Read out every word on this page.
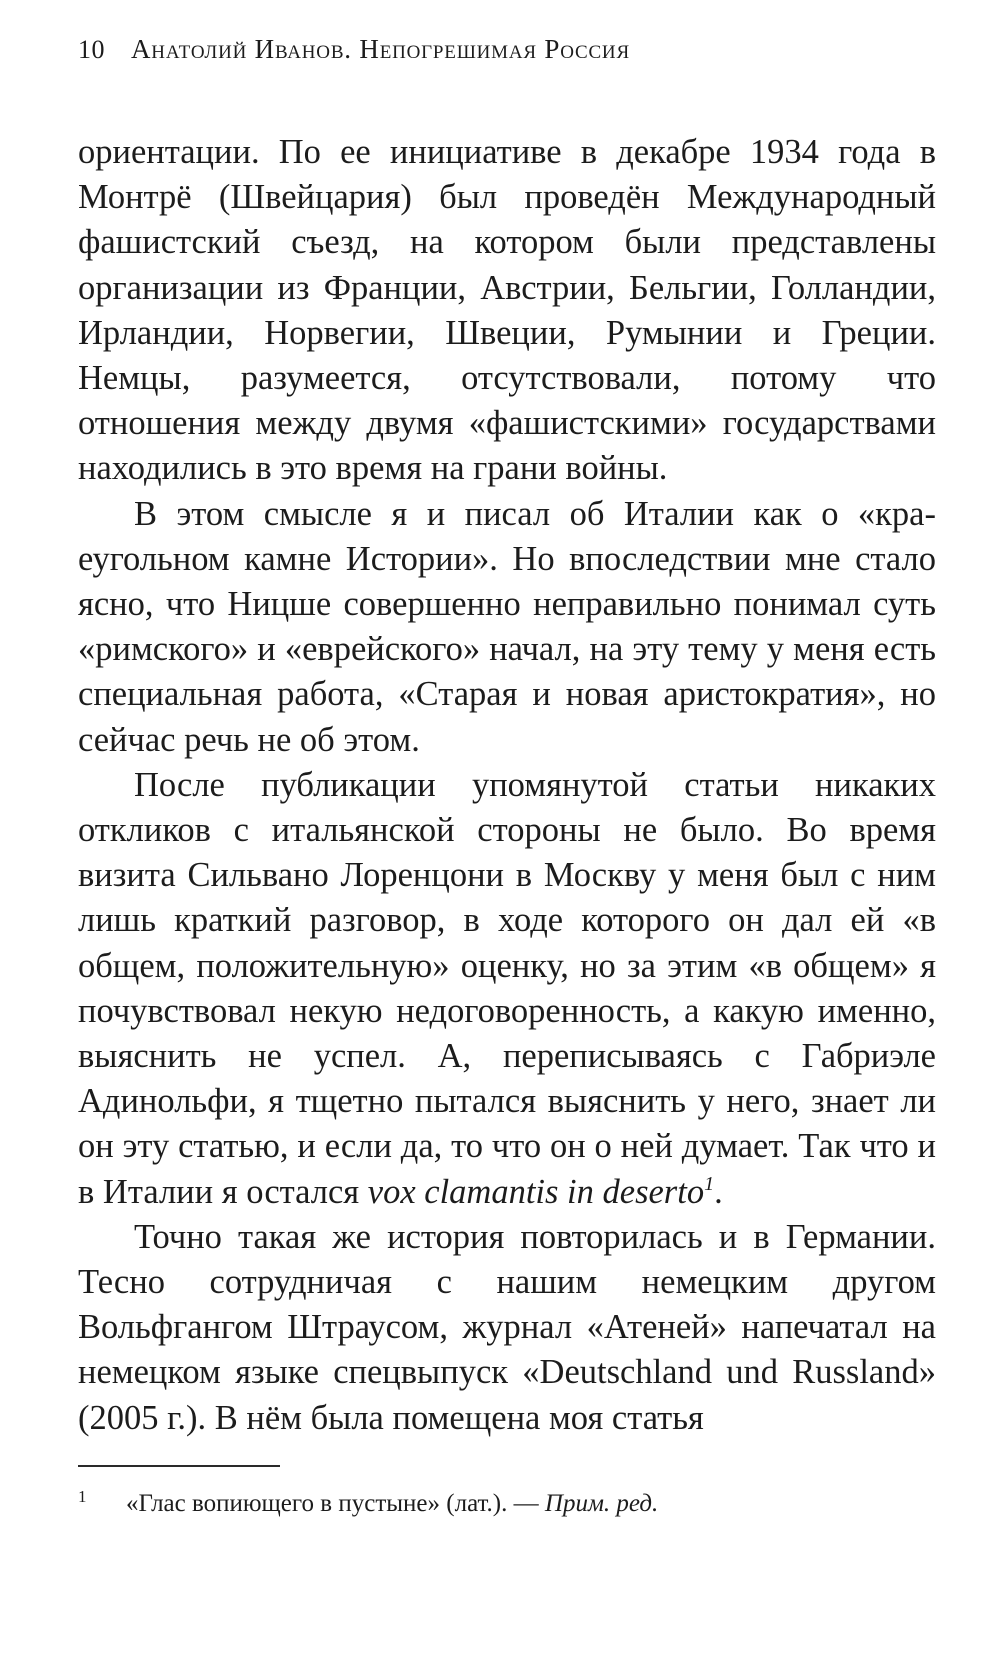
10 Анатолий Иванов. Непогрешимая Россия

ориентации. По ее инициативе в декабре 1934 года в Монтрё (Швейцария) был проведён Международный фашистский съезд, на котором были представлены организации из Франции, Австрии, Бельгии, Голландии, Ирландии, Норвегии, Швеции, Румынии и Греции. Немцы, разумеется, отсутствовали, потому что отношения между двумя «фашистскими» государствами находились в это время на грани войны.

В этом смысле я и писал об Италии как о «краеугольном камне Истории». Но впоследствии мне стало ясно, что Ницше совершенно неправильно понимал суть «римского» и «еврейского» начал, на эту тему у меня есть специальная работа, «Старая и новая аристократия», но сейчас речь не об этом.

После публикации упомянутой статьи никаких откликов с итальянской стороны не было. Во время визита Сильвано Лоренцони в Москву у меня был с ним лишь краткий разговор, в ходе которого он дал ей «в общем, положительную» оценку, но за этим «в общем» я почувствовал некую недоговоренность, а какую именно, выяснить не успел. А, переписываясь с Габриэле Адинольфи, я тщетно пытался выяснить у него, знает ли он эту статью, и если да, то что он о ней думает. Так что и в Италии я остался vox clamantis in deserto$^1$.

Точно такая же история повторилась и в Германии. Тесно сотрудничая с нашим немецким другом Вольфгангом Штраусом, журнал «Атеней» напечатал на немецком языке спецвыпуск «Deutschland und Russland» (2005 г.). В нём была помещена моя статья

1 «Глас вопиющего в пустыне» (лат.). — Прим. ред.
